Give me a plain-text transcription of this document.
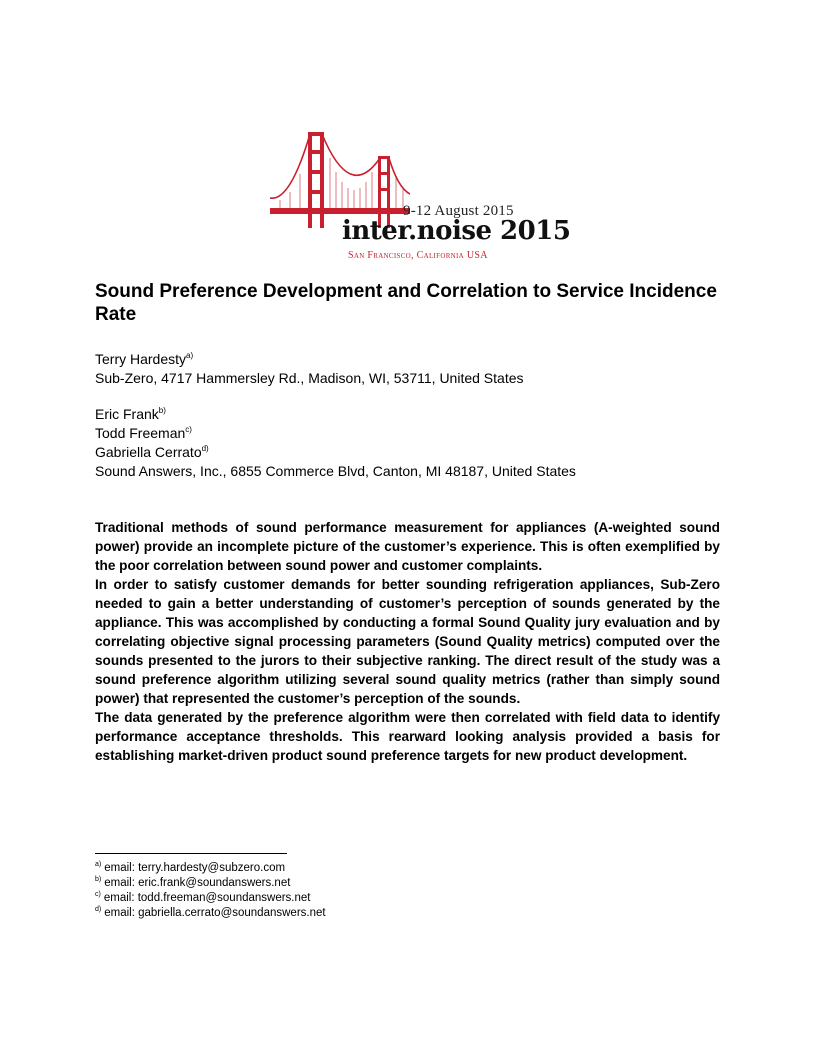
9-12 August 2015
inter.noise 2015
San Francisco, California USA
Sound Preference Development and Correlation to Service Incidence Rate
Terry Hardesty$^{a)}$
Sub-Zero, 4717 Hammersley Rd., Madison, WI, 53711, United States
Eric Frank$^{b)}$
Todd Freeman$^{c)}$
Gabriella Cerrato$^{d)}$
Sound Answers, Inc., 6855 Commerce Blvd, Canton, MI 48187, United States

Traditional methods of sound performance measurement for appliances (A-weighted sound power) provide an incomplete picture of the customer’s experience. This is often exemplified by the poor correlation between sound power and customer complaints.

In order to satisfy customer demands for better sounding refrigeration appliances, Sub-Zero needed to gain a better understanding of customer’s perception of sounds generated by the appliance. This was accomplished by conducting a formal Sound Quality jury evaluation and by correlating objective signal processing parameters (Sound Quality metrics) computed over the sounds presented to the jurors to their subjective ranking. The direct result of the study was a sound preference algorithm utilizing several sound quality metrics (rather than simply sound power) that represented the customer’s perception of the sounds.

The data generated by the preference algorithm were then correlated with field data to identify performance acceptance thresholds. This rearward looking analysis provided a basis for establishing market-driven product sound preference targets for new product development.

$^{a)}$ email: terry.hardesty@subzero.com
$^{b)}$ email: eric.frank@soundanswers.net
$^{c)}$ email: todd.freeman@soundanswers.net
$^{d)}$ email: gabriella.cerrato@soundanswers.net
